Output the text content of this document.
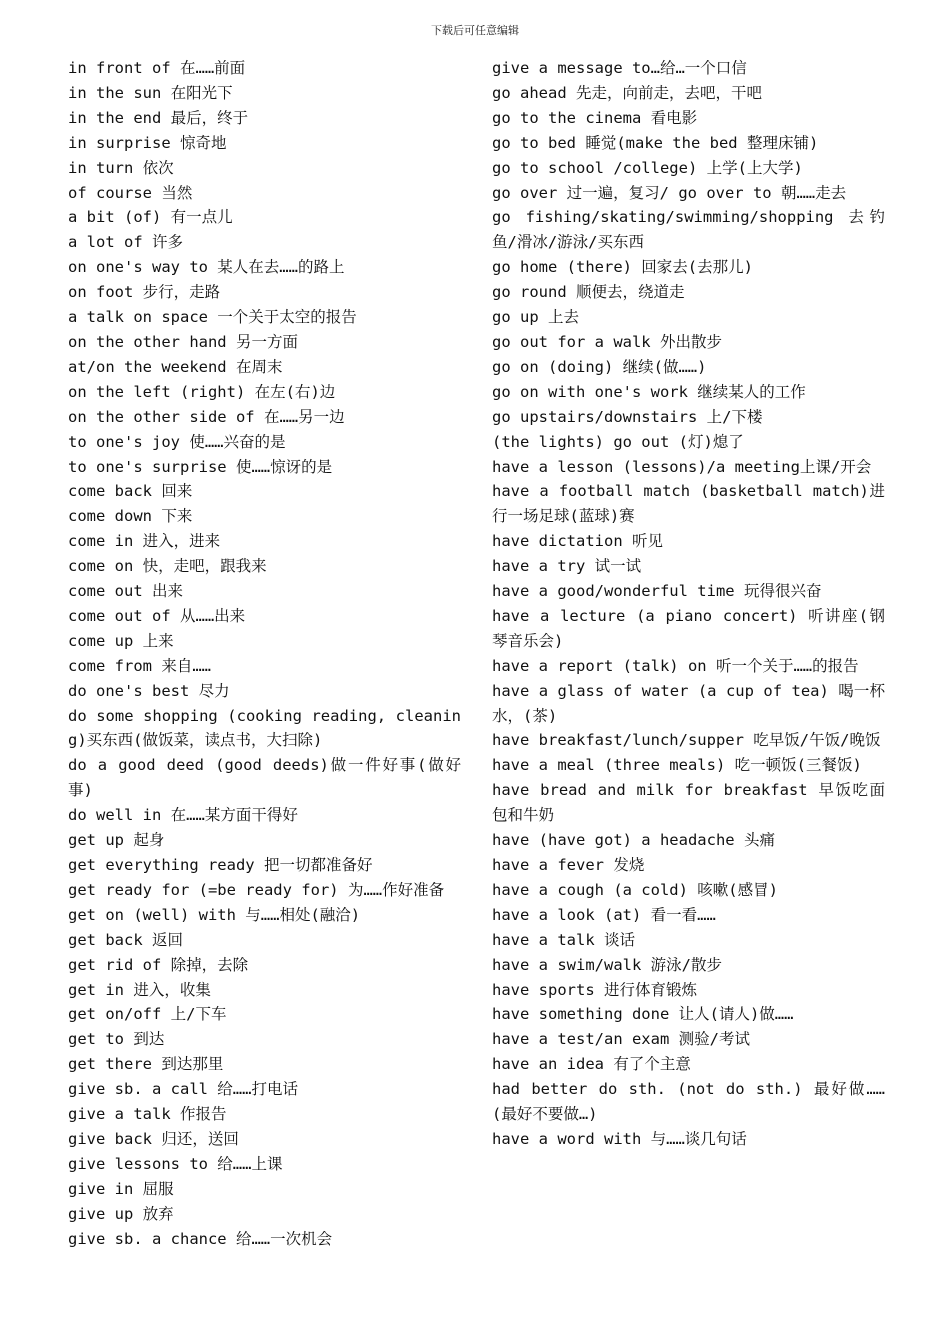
下载后可任意编辑

in front of 在……前面

in the sun 在阳光下

in the end 最后，终于

in surprise 惊奇地

in turn 依次

of course 当然

a bit (of) 有一点儿

a lot of 许多

on one's way to 某人在去……的路上

on foot 步行，走路

a talk on space 一个关于太空的报告

on the other hand 另一方面

at/on the weekend 在周末

on the left (right) 在左(右)边

on the other side of 在……另一边

to one's joy 使……兴奋的是

to one's surprise 使……惊讶的是

come back 回来

come down 下来

come in 进入，进来

come on 快，走吧，跟我来

come out 出来

come out of 从……出来

come up 上来

come from 来自……

do one's best 尽力

do some shopping (cooking reading, cleaning)买东西(做饭菜，读点书，大扫除)

do a good deed (good deeds)做一件好事(做好事)

do well in 在……某方面干得好

get up 起身

get everything ready 把一切都准备好

get ready for (=be ready for) 为……作好准备

get on (well) with 与……相处(融洽)

get back 返回

get rid of 除掉，去除

get in 进入，收集

get on/off 上/下车

get to 到达

get there 到达那里

give sb. a call 给……打电话

give a talk 作报告

give back 归还，送回

give lessons to 给……上课

give in 屈服

give up 放弃

give sb. a chance 给……一次机会

give a message to…给…一个口信

go ahead 先走，向前走，去吧，干吧

go to the cinema 看电影

go to bed 睡觉(make the bed 整理床铺)

go to school /college) 上学(上大学)

go over 过一遍，复习/ go over to 朝……走去

go fishing/skating/swimming/shopping 去钓鱼/滑冰/游泳/买东西

go home (there) 回家去(去那儿)

go round 顺便去，绕道走

go up 上去

go out for a walk 外出散步

go on (doing) 继续(做……)

go on with one's work 继续某人的工作

go upstairs/downstairs 上/下楼

(the lights) go out (灯)熄了

have a lesson (lessons)/a meeting上课/开会

have a football match (basketball match)进行一场足球(蓝球)赛

have dictation 听见

have a try 试一试

have a good/wonderful time 玩得很兴奋

have a lecture (a piano concert) 听讲座(钢琴音乐会)

have a report (talk) on 听一个关于……的报告

have a glass of water (a cup of tea) 喝一杯水，(茶)

have breakfast/lunch/supper 吃早饭/午饭/晚饭

have a meal (three meals) 吃一顿饭(三餐饭)

have bread and milk for breakfast 早饭吃面包和牛奶

have (have got) a headache 头痛

have a fever 发烧

have a cough (a cold) 咳嗽(感冒)

have a look (at) 看一看……

have a talk 谈话

have a swim/walk 游泳/散步

have sports 进行体育锻炼

have something done 让人(请人)做……

have a test/an exam 测验/考试

have an idea 有了个主意

had better do sth. (not do sth.) 最好做……(最好不要做…)

have a word with 与……谈几句话
